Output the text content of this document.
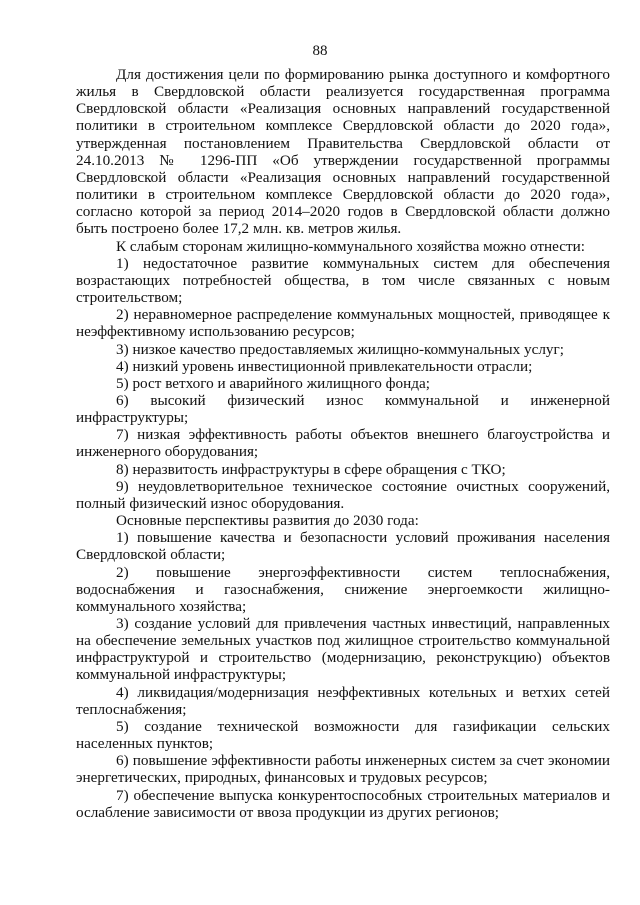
88

Для достижения цели по формированию рынка доступного и комфортного жилья в Свердловской области реализуется государственная программа Свердловской области «Реализация основных направлений государственной политики в строительном комплексе Свердловской области до 2020 года», утвержденная постановлением Правительства Свердловской области от 24.10.2013 № 1296-ПП «Об утверждении государственной программы Свердловской области «Реализация основных направлений государственной политики в строительном комплексе Свердловской области до 2020 года», согласно которой за период 2014–2020 годов в Свердловской области должно быть построено более 17,2 млн. кв. метров жилья.

К слабым сторонам жилищно-коммунального хозяйства можно отнести:

1) недостаточное развитие коммунальных систем для обеспечения возрастающих потребностей общества, в том числе связанных с новым строительством;

2) неравномерное распределение коммунальных мощностей, приводящее к неэффективному использованию ресурсов;

3) низкое качество предоставляемых жилищно-коммунальных услуг;

4) низкий уровень инвестиционной привлекательности отрасли;

5) рост ветхого и аварийного жилищного фонда;

6) высокий физический износ коммунальной и инженерной инфраструктуры;

7) низкая эффективность работы объектов внешнего благоустройства и инженерного оборудования;

8) неразвитость инфраструктуры в сфере обращения с ТКО;

9) неудовлетворительное техническое состояние очистных сооружений, полный физический износ оборудования.

Основные перспективы развития до 2030 года:

1) повышение качества и безопасности условий проживания населения Свердловской области;

2) повышение энергоэффективности систем теплоснабжения, водоснабжения и газоснабжения, снижение энергоемкости жилищно-коммунального хозяйства;

3) создание условий для привлечения частных инвестиций, направленных на обеспечение земельных участков под жилищное строительство коммунальной инфраструктурой и строительство (модернизацию, реконструкцию) объектов коммунальной инфраструктуры;

4) ликвидация/модернизация неэффективных котельных и ветхих сетей теплоснабжения;

5) создание технической возможности для газификации сельских населенных пунктов;

6) повышение эффективности работы инженерных систем за счет экономии энергетических, природных, финансовых и трудовых ресурсов;

7) обеспечение выпуска конкурентоспособных строительных материалов и ослабление зависимости от ввоза продукции из других регионов;
